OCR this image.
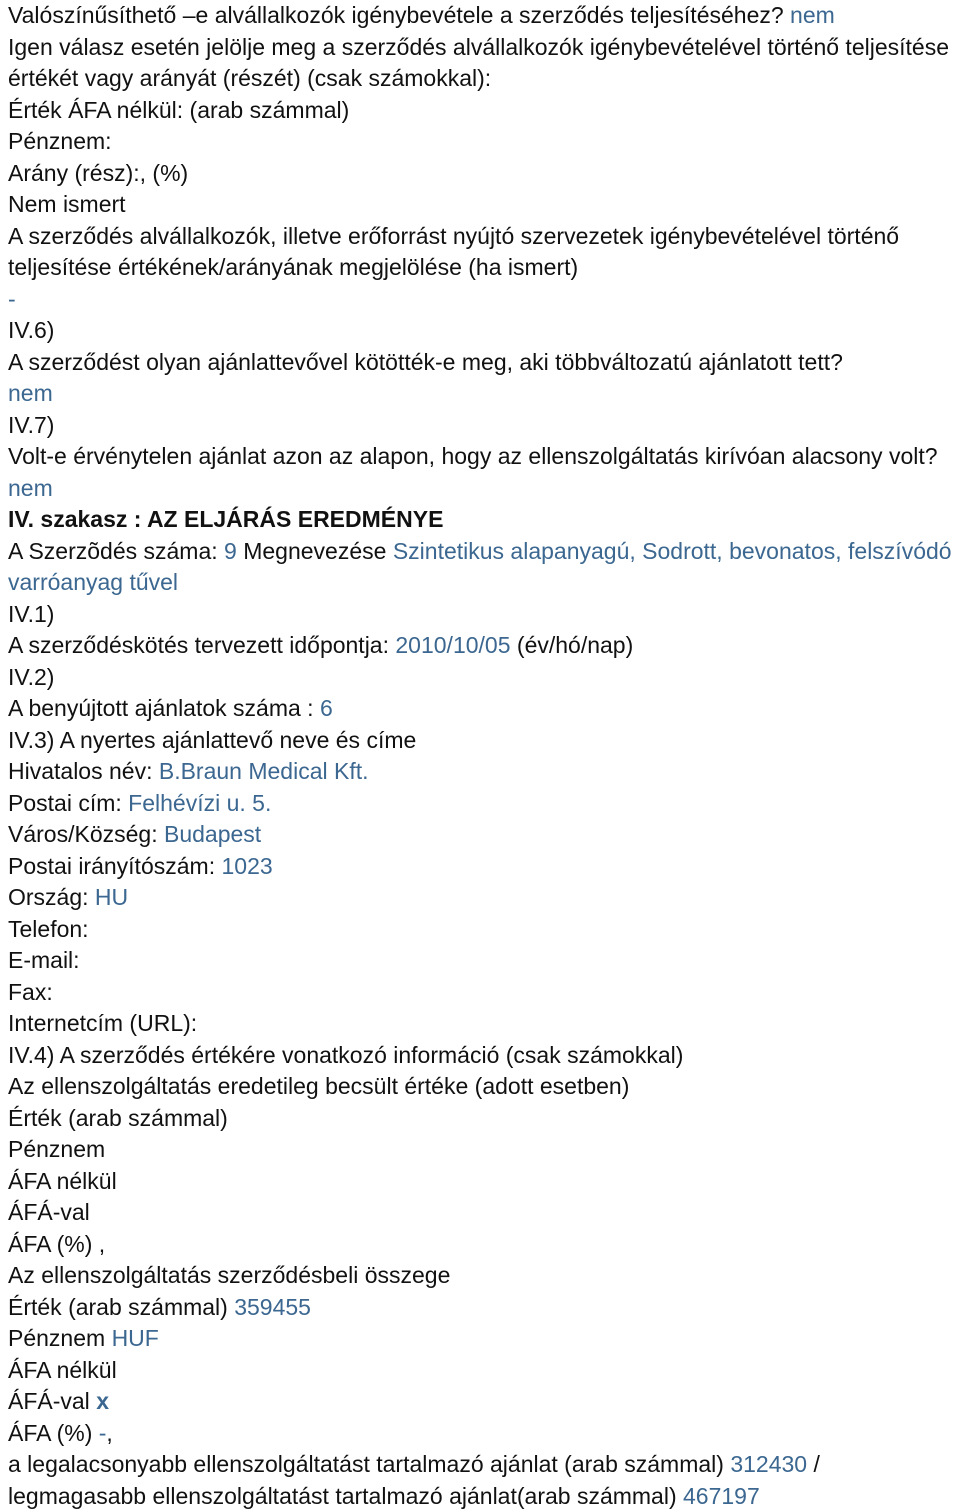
Valószínűsíthető –e alvállalkozók igénybevétele a szerződés teljesítéséhez? nem
Igen válasz esetén jelölje meg a szerződés alvállalkozók igénybevételével történő teljesítése értékét vagy arányát (részét) (csak számokkal):
Érték ÁFA nélkül: (arab számmal)
Pénznem:
Arány (rész):, (%)
Nem ismert
A szerződés alvállalkozók, illetve erőforrást nyújtó szervezetek igénybevételével történő teljesítése értékének/arányának megjelölése (ha ismert)
-
IV.6)
A szerződést olyan ajánlattevővel kötötték-e meg, aki többváltozatú ajánlatott tett?
nem
IV.7)
Volt-e érvénytelen ajánlat azon az alapon, hogy az ellenszolgáltatás kirívóan alacsony volt? nem
IV. szakasz : AZ ELJÁRÁS EREDMÉNYE
A Szerzõdés száma: 9 Megnevezése Szintetikus alapanyagú, Sodrott, bevonatos, felszívódó varróanyag tűvel
IV.1)
A szerződéskötés tervezett időpontja: 2010/10/05 (év/hó/nap)
IV.2)
A benyújtott ajánlatok száma : 6
IV.3) A nyertes ajánlattevő neve és címe
Hivatalos név: B.Braun Medical Kft.
Postai cím: Felhévízi u. 5.
Város/Község: Budapest
Postai irányítószám: 1023
Ország: HU
Telefon:
E-mail:
Fax:
Internetcím (URL):
IV.4) A szerződés értékére vonatkozó információ (csak számokkal)
Az ellenszolgáltatás eredetileg becsült értéke (adott esetben)
Érték (arab számmal)
Pénznem
ÁFA nélkül
ÁFÁ-val
ÁFA (%) ,
Az ellenszolgáltatás szerződésbeli összege
Érték (arab számmal) 359455
Pénznem HUF
ÁFA nélkül
ÁFÁ-val x
ÁFA (%) -,
a legalacsonyabb ellenszolgáltatást tartalmazó ajánlat (arab számmal) 312430 /
legmagasabb ellenszolgáltatást tartalmazó ajánlat(arab számmal) 467197
